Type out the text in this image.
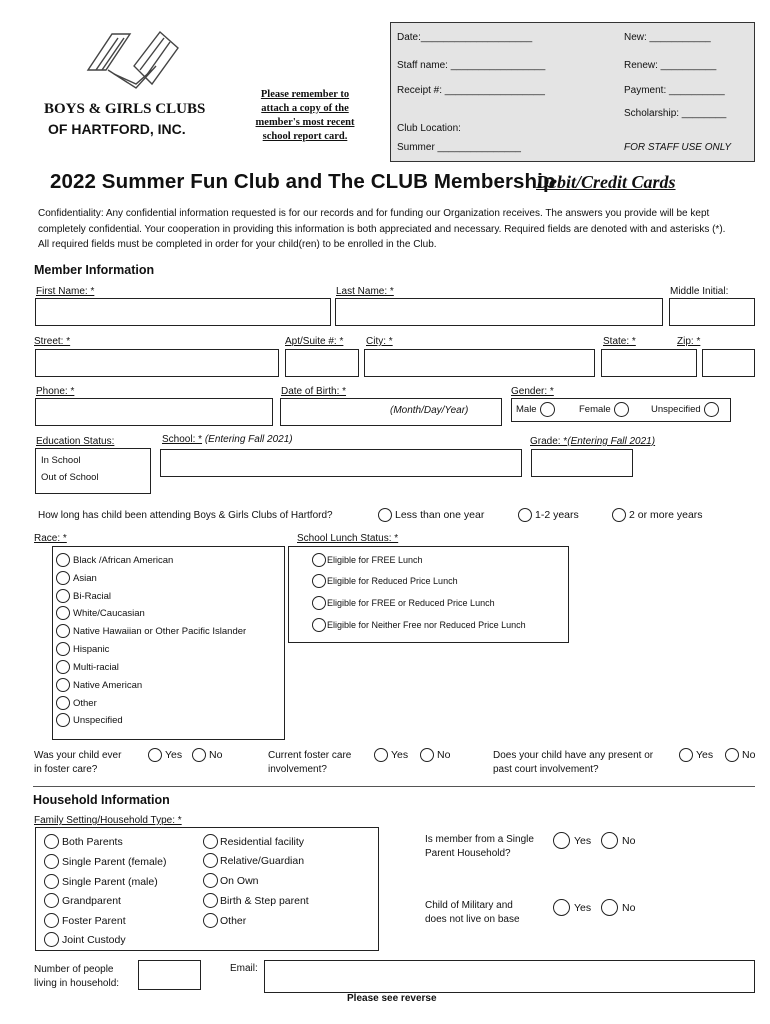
BOYS & GIRLS CLUBS
OF HARTFORD, INC.
Please remember to
attach a copy of the
member's most recent
school report card.
Date:____________________
Staff name: _________________
Receipt #: __________________
Club Location:
Summer _______________
New: ___________
Renew: __________
Payment: __________
Scholarship: ________
FOR STAFF USE ONLY
2022 Summer Fun Club and The CLUB Membership
Debit/Credit Cards
Confidentiality: Any confidential information requested is for our records and for funding our Organization receives. The answers you provide will be kept completely confidential. Your cooperation in providing this information is both appreciated and necessary. Required fields are denoted with and asterisks (*). All required fields must be completed in order for your child(ren) to be enrolled in the Club.
Member Information
First Name: *	Last Name: *	Middle Initial:
Street: *	Apt/Suite #: * City: *	State: *	Zip: *
Phone: *	Date of Birth: *
(Month/Day/Year)
Gender: *
Male	Female	Unspecified
Education Status:
In School
Out of School
School: * (Entering Fall 2021)	Grade: *(Entering Fall 2021)
How long has child been attending Boys & Girls Clubs of Hartford?	Less than one year	1-2 years	2 or more years
Race: *
Black /African American
Asian
Bi-Racial
White/Caucasian
Native Hawaiian or Other Pacific Islander
Hispanic
Multi-racial
Native American
Other
Unspecified
School Lunch Status: *
Eligible for FREE Lunch
Eligible for Reduced Price Lunch
Eligible for FREE or Reduced Price Lunch
Eligible for Neither Free nor Reduced Price Lunch
Was your child ever
in foster care?
Yes	No	Current foster care
involvement?
Yes	No	Does your child have any present or
past court involvement?
Yes	No
Household Information
Family Setting/Household Type: *
Both Parents
Single Parent (female)
Single Parent (male)
Grandparent
Foster Parent
Joint Custody
Residential facility
Relative/Guardian
On Own
Birth & Step parent
Other
Is member from a Single
Parent Household?
Yes	No
Child of Military and
does not live on base
Yes	No
Number of people
living in household:
Email:
Please see reverse
